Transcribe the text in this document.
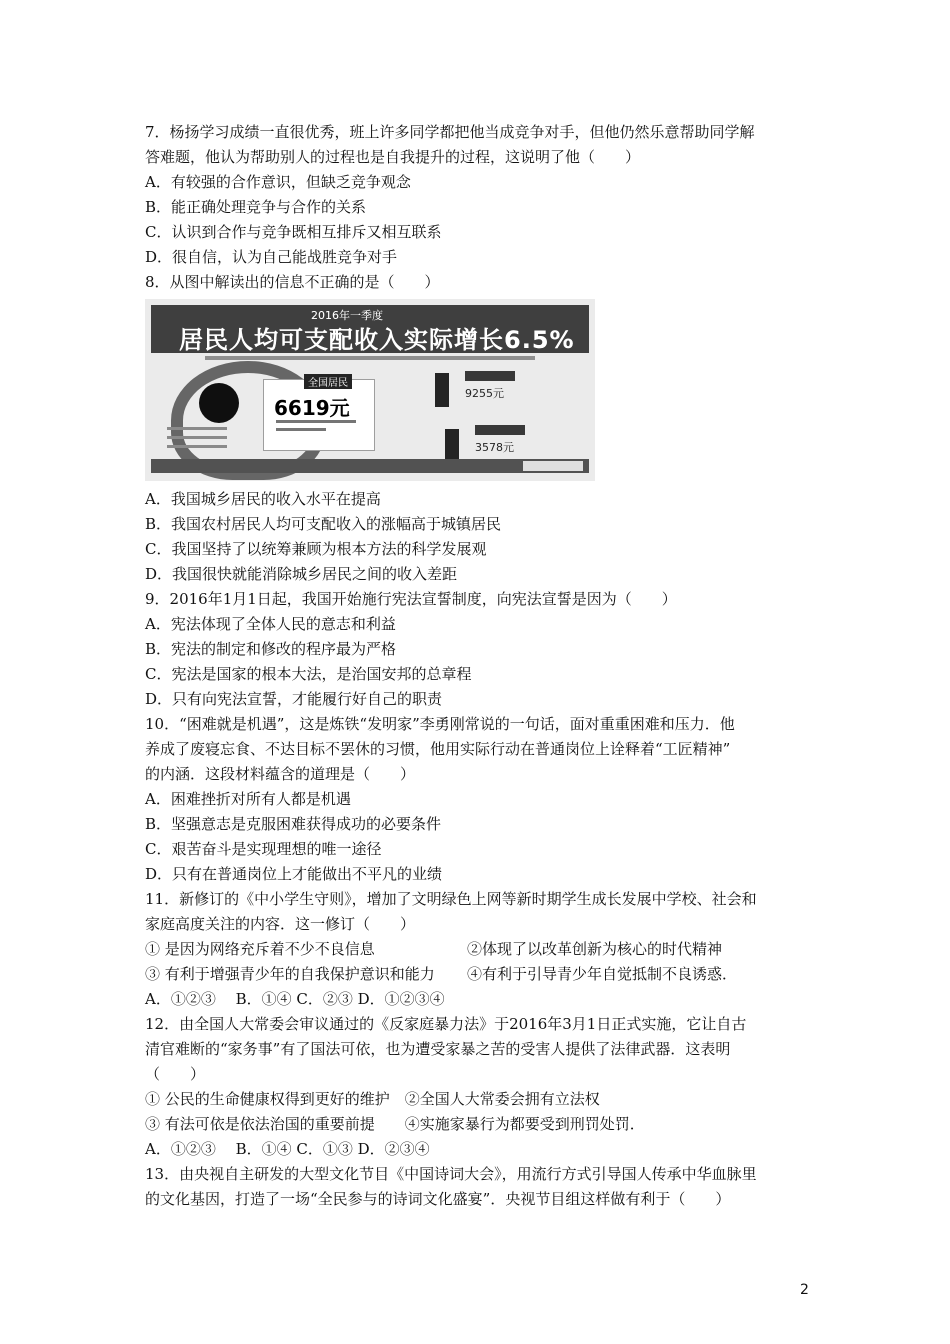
7．杨扬学习成绩一直很优秀，班上许多同学都把他当成竞争对手，但他仍然乐意帮助同学解
答难题，他认为帮助别人的过程也是自我提升的过程，这说明了他（　　）
A．有较强的合作意识，但缺乏竞争观念
B．能正确处理竞争与合作的关系
C．认识到合作与竞争既相互排斥又相互联系
D．很自信，认为自己能战胜竞争对手
8．从图中解读出的信息不正确的是（　　）
2016年一季度
居民人均可支配收入实际增长6.5%
全国居民
6619元
9255元
3578元
A．我国城乡居民的收入水平在提高
B．我国农村居民人均可支配收入的涨幅高于城镇居民
C．我国坚持了以统筹兼顾为根本方法的科学发展观
D．我国很快就能消除城乡居民之间的收入差距
9．2016年1月1日起，我国开始施行宪法宣誓制度，向宪法宣誓是因为（　　）
A．宪法体现了全体人民的意志和利益
B．宪法的制定和修改的程序最为严格
C．宪法是国家的根本大法，是治国安邦的总章程
D．只有向宪法宣誓，才能履行好自己的职责
10．“困难就是机遇”，这是炼铁“发明家”李勇刚常说的一句话，面对重重困难和压力．他
养成了废寝忘食、不达目标不罢休的习惯，他用实际行动在普通岗位上诠释着“工匠精神”
的内涵．这段材料蕴含的道理是（　　）
A．困难挫折对所有人都是机遇
B．坚强意志是克服困难获得成功的必要条件
C．艰苦奋斗是实现理想的唯一途径
D．只有在普通岗位上才能做出不平凡的业绩
11．新修订的《中小学生守则》，增加了文明绿色上网等新时期学生成长发展中学校、社会和
家庭高度关注的内容．这一修订（　　）
① 是因为网络充斥着不少不良信息	②体现了以改革创新为核心的时代精神
③ 有利于增强青少年的自我保护意识和能力	④有利于引导青少年自觉抵制不良诱惑．
A．①②③　 B．①④ C．②③ D．①②③④
12．由全国人大常委会审议通过的《反家庭暴力法》于2016年3月1日正式实施，它让自古
清官难断的“家务事”有了国法可依，也为遭受家暴之苦的受害人提供了法律武器．这表明
（　　）
① 公民的生命健康权得到更好的维护　②全国人大常委会拥有立法权
③ 有法可依是依法治国的重要前提　　④实施家暴行为都要受到刑罚处罚．
A．①②③　 B．①④ C．①③ D．②③④
13．由央视自主研发的大型文化节目《中国诗词大会》，用流行方式引导国人传承中华血脉里
的文化基因，打造了一场“全民参与的诗词文化盛宴”．央视节目组这样做有利于（　　）
2
